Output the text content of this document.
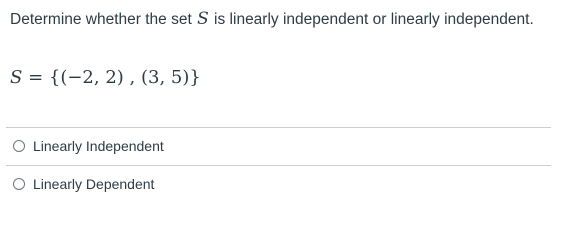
Determine whether the set S is linearly independent or linearly independent.
S = {(−2, 2) , (3, 5)}
Linearly Independent
Linearly Dependent
